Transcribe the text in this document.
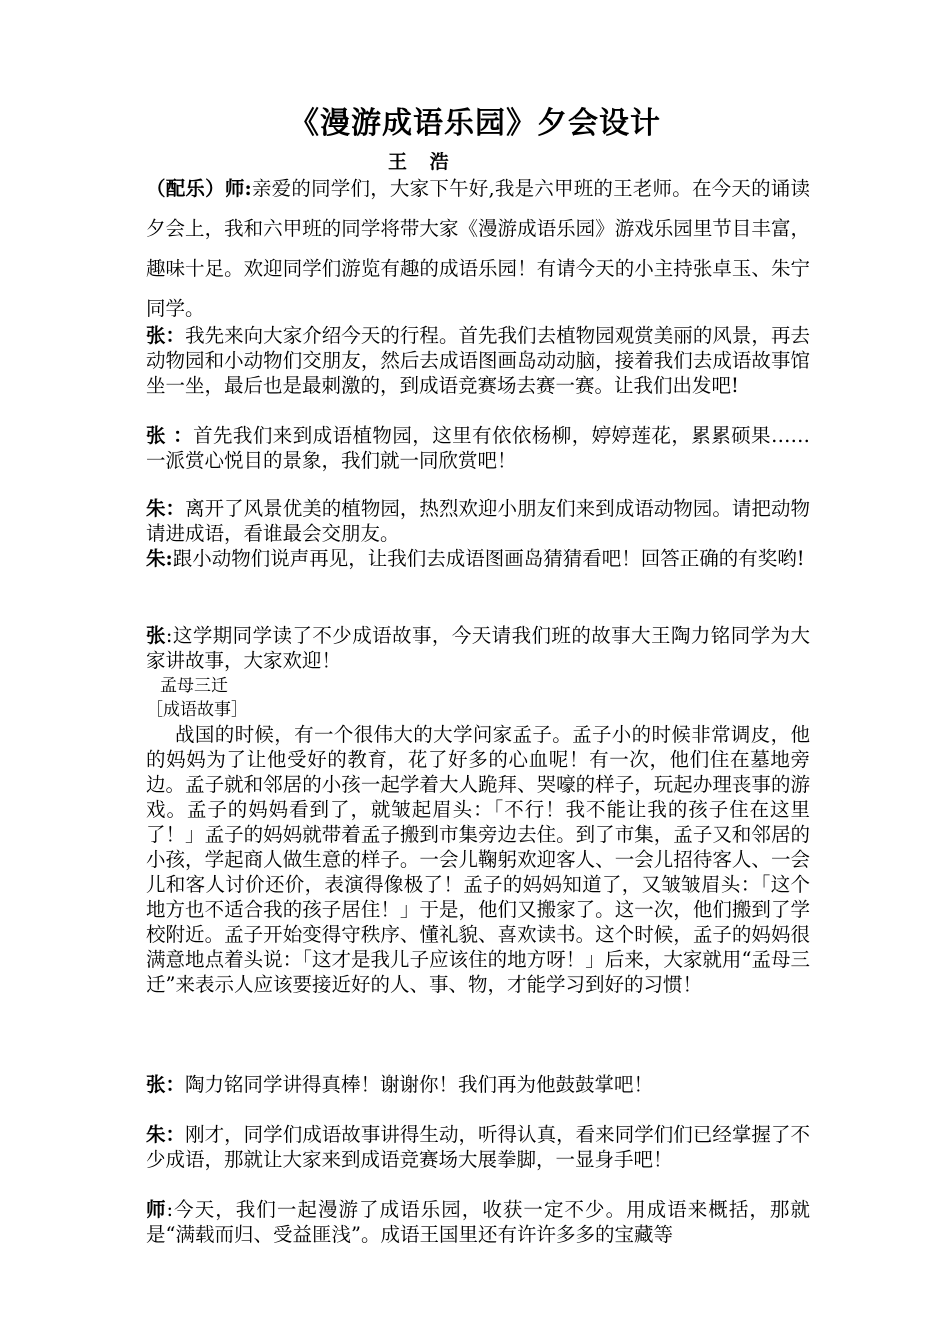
《漫游成语乐园》夕会设计
王 浩

（配乐）师:亲爱的同学们，大家下午好,我是六甲班的王老师。在今天的诵读夕会上，我和六甲班的同学将带大家《漫游成语乐园》游戏乐园里节目丰富，趣味十足。欢迎同学们游览有趣的成语乐园！有请今天的小主持张卓玉、朱宁同学。

张：我先来向大家介绍今天的行程。首先我们去植物园观赏美丽的风景，再去动物园和小动物们交朋友，然后去成语图画岛动动脑，接着我们去成语故事馆坐一坐，最后也是最刺激的，到成语竞赛场去赛一赛。让我们出发吧!

张 ：首先我们来到成语植物园，这里有依依杨柳，婷婷莲花，累累硕果……一派赏心悦目的景象，我们就一同欣赏吧！

朱：离开了风景优美的植物园，热烈欢迎小朋友们来到成语动物园。请把动物请进成语，看谁最会交朋友。

朱:跟小动物们说声再见，让我们去成语图画岛猜猜看吧！回答正确的有奖哟!

张:这学期同学读了不少成语故事，今天请我们班的故事大王陶力铭同学为大家讲故事，大家欢迎！

孟母三迁
［成语故事］

战国的时候，有一个很伟大的大学问家孟子。孟子小的时候非常调皮，他的妈妈为了让他受好的教育，花了好多的心血呢！有一次，他们住在墓地旁边。孟子就和邻居的小孩一起学着大人跪拜、哭嚎的样子，玩起办理丧事的游戏。孟子的妈妈看到了，就皱起眉头：「不行！我不能让我的孩子住在这里了！」孟子的妈妈就带着孟子搬到市集旁边去住。到了市集，孟子又和邻居的小孩，学起商人做生意的样子。一会儿鞠躬欢迎客人、一会儿招待客人、一会儿和客人讨价还价，表演得像极了！孟子的妈妈知道了，又皱皱眉头：「这个地方也不适合我的孩子居住！」于是，他们又搬家了。这一次，他们搬到了学校附近。孟子开始变得守秩序、懂礼貌、喜欢读书。这个时候，孟子的妈妈很满意地点着头说：「这才是我儿子应该住的地方呀！」后来，大家就用“孟母三迁”来表示人应该要接近好的人、事、物，才能学习到好的习惯！

张：陶力铭同学讲得真棒！谢谢你！我们再为他鼓鼓掌吧！

朱：刚才，同学们成语故事讲得生动，听得认真，看来同学们们已经掌握了不少成语，那就让大家来到成语竞赛场大展拳脚，一显身手吧！

师:今天，我们一起漫游了成语乐园，收获一定不少。用成语来概括，那就是“满载而归、受益匪浅”。成语王国里还有许许多多的宝藏等
